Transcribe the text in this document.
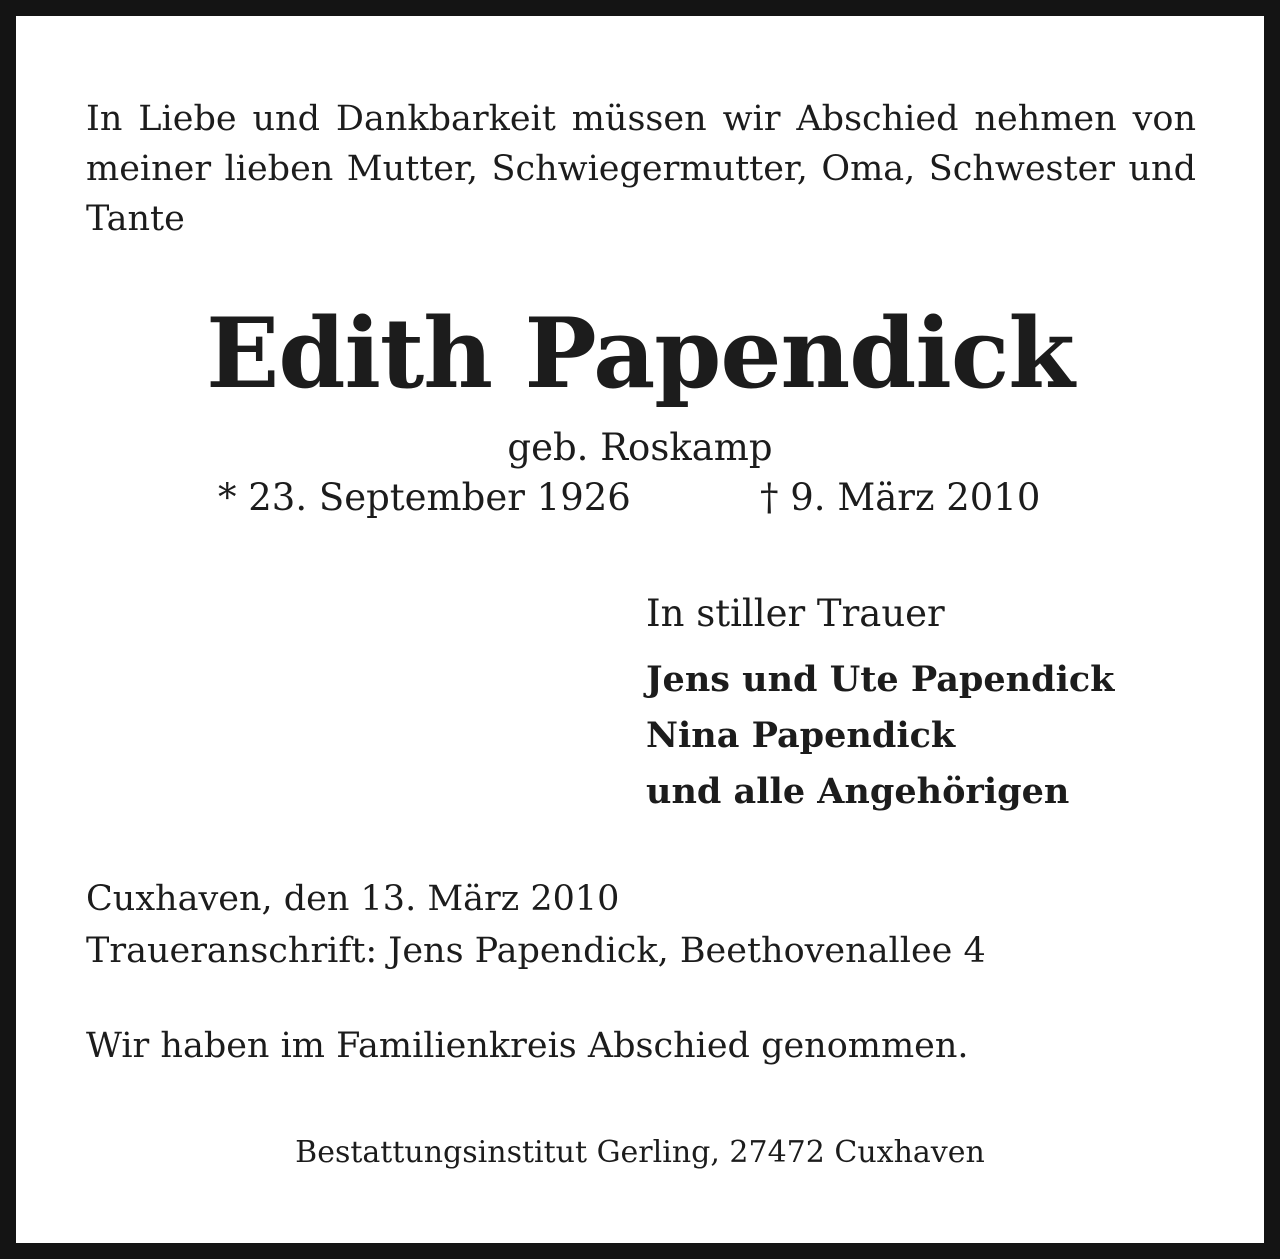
In Liebe und Dankbarkeit müssen wir Abschied nehmen von meiner lieben Mutter, Schwiegermutter, Oma, Schwester und Tante
Edith Papendick
geb. Roskamp
* 23. September 1926	† 9. März 2010
In stiller Trauer
Jens und Ute Papendick
Nina Papendick
und alle Angehörigen
Cuxhaven, den 13. März 2010
Traueranschrift: Jens Papendick, Beethovenallee 4
Wir haben im Familienkreis Abschied genommen.
Bestattungsinstitut Gerling, 27472 Cuxhaven
